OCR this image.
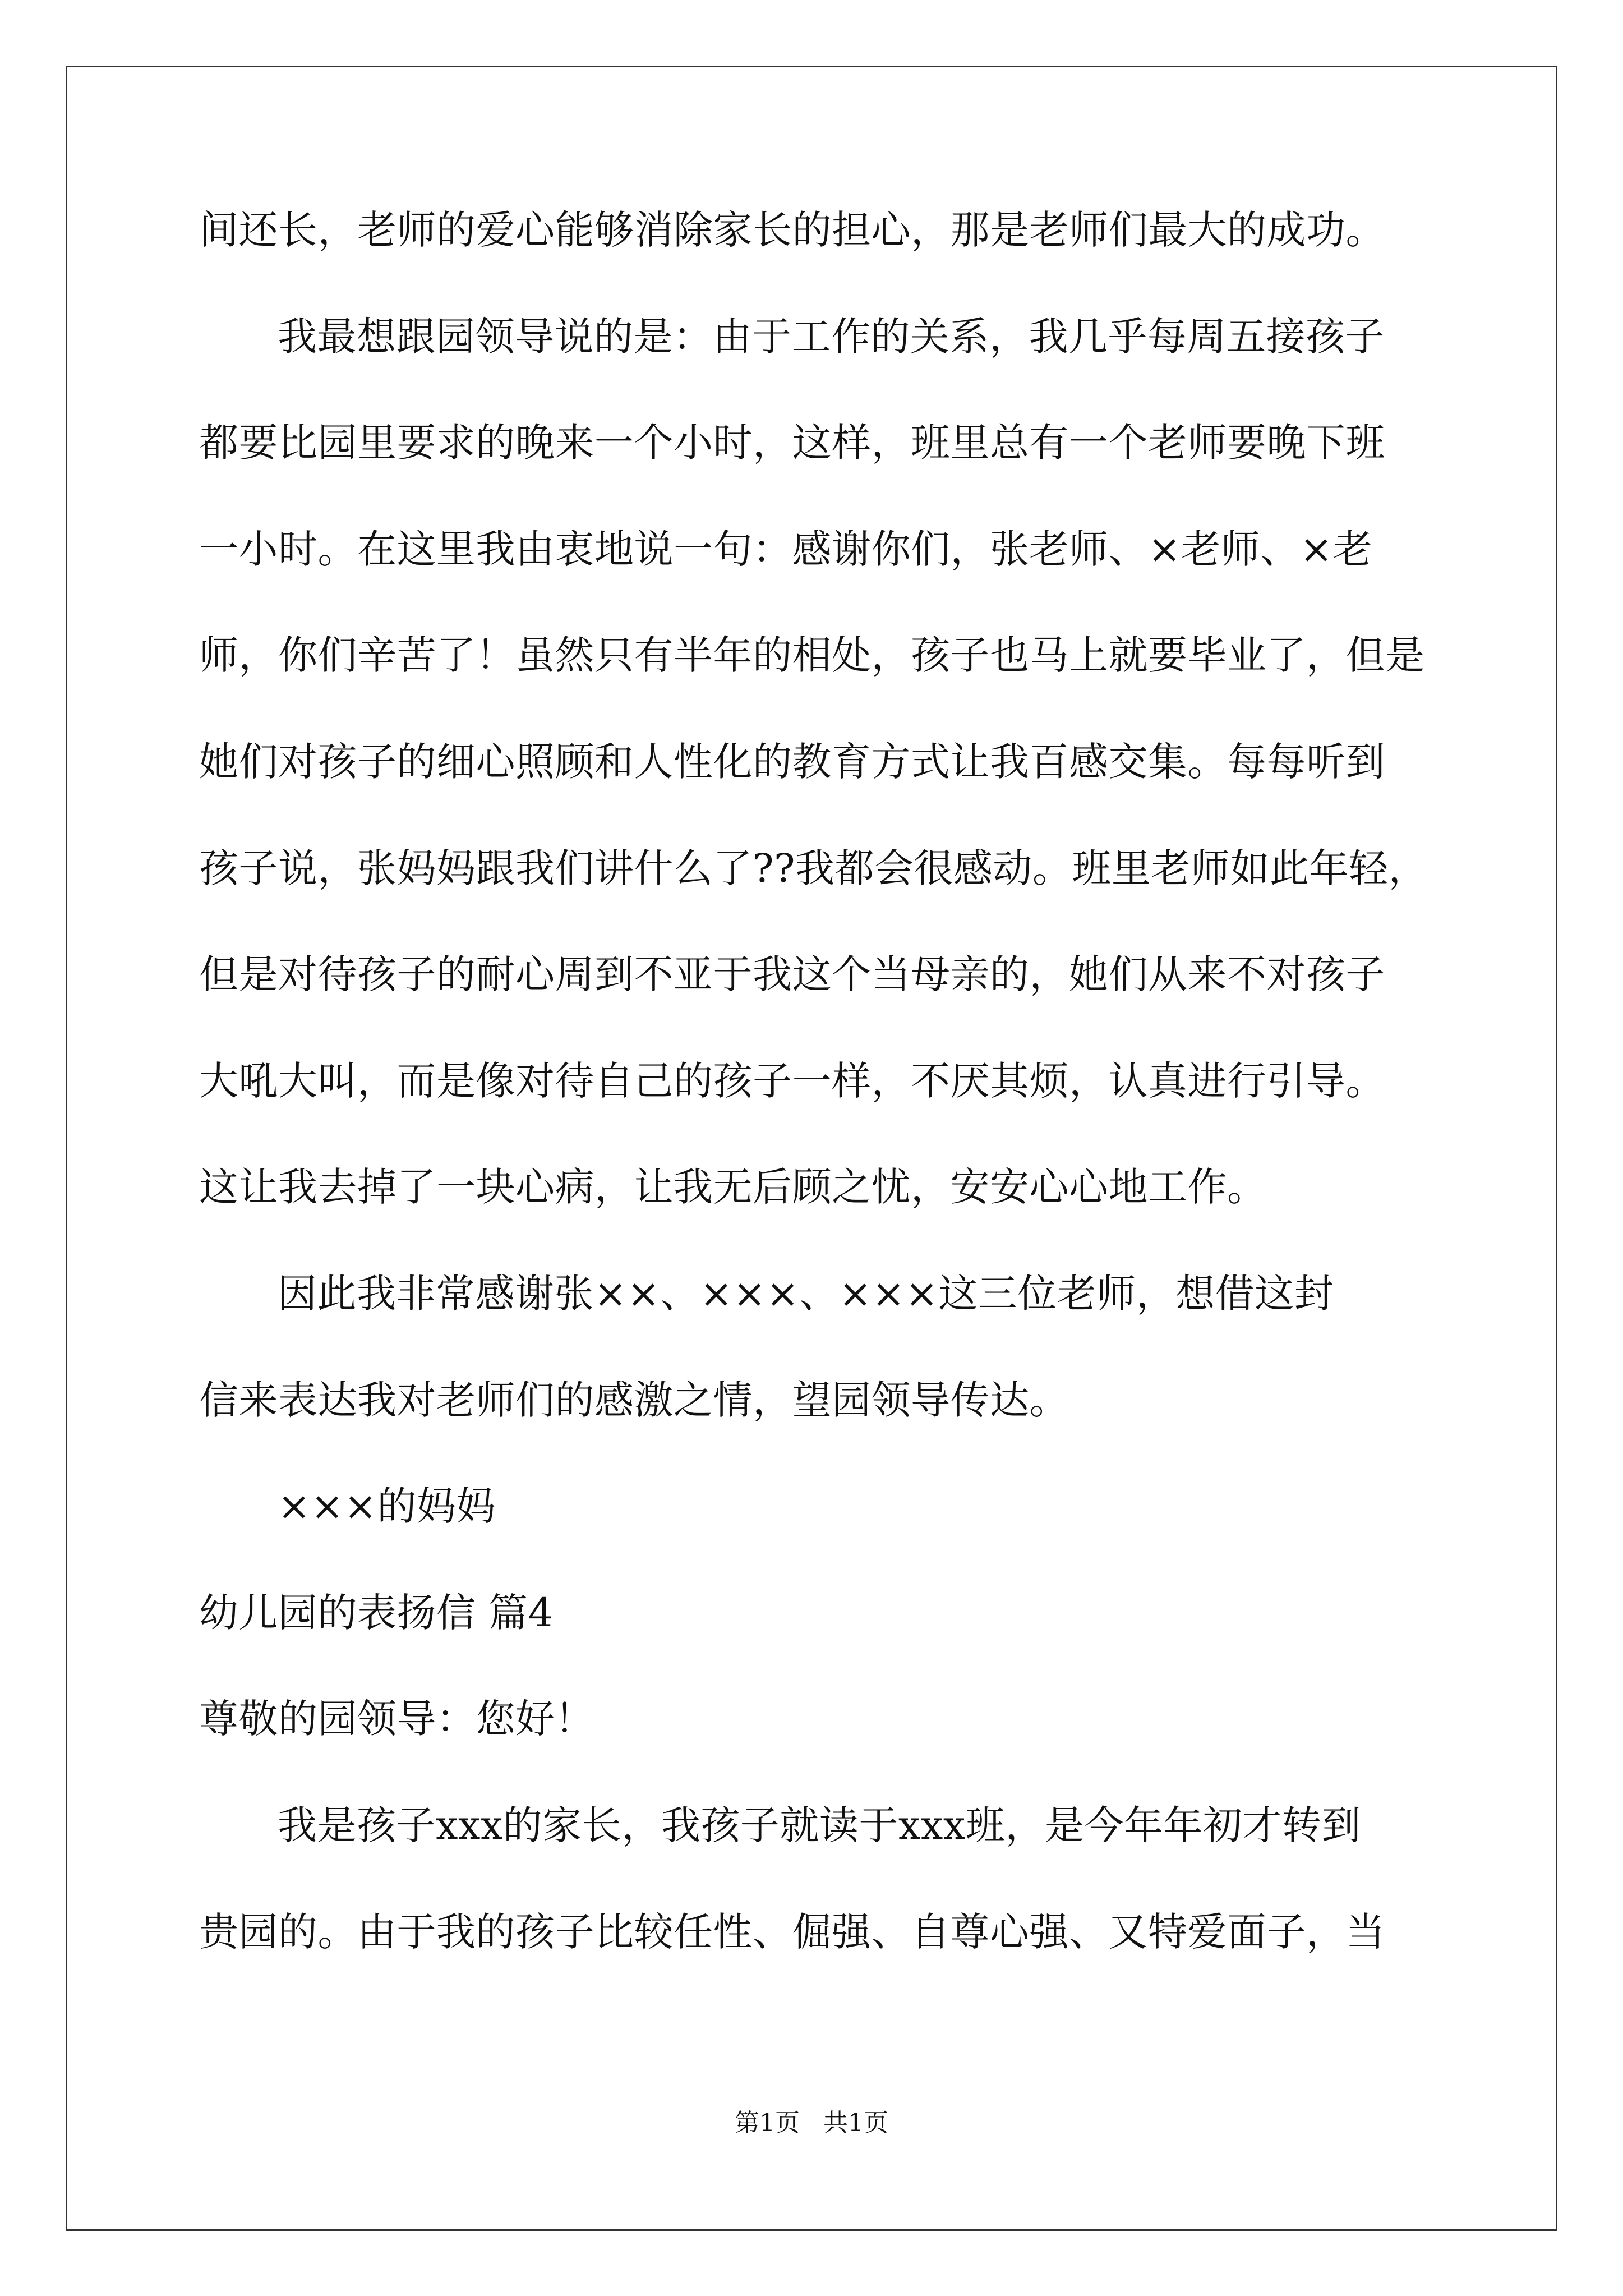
间还长，老师的爱心能够消除家长的担心，那是老师们最大的成功。
我最想跟园领导说的是：由于工作的关系，我几乎每周五接孩子
都要比园里要求的晚来一个小时，这样，班里总有一个老师要晚下班
一小时。在这里我由衷地说一句：感谢你们，张老师、×老师、×老
师，你们辛苦了！虽然只有半年的相处，孩子也马上就要毕业了，但是
她们对孩子的细心照顾和人性化的教育方式让我百感交集。每每听到
孩子说，张妈妈跟我们讲什么了??我都会很感动。班里老师如此年轻，
但是对待孩子的耐心周到不亚于我这个当母亲的，她们从来不对孩子
大吼大叫，而是像对待自己的孩子一样，不厌其烦，认真进行引导。
这让我去掉了一块心病，让我无后顾之忧，安安心心地工作。
因此我非常感谢张××、×××、×××这三位老师，想借这封
信来表达我对老师们的感激之情，望园领导传达。
×××的妈妈
幼儿园的表扬信 篇4
尊敬的园领导：您好！
我是孩子xxx的家长，我孩子就读于xxx班，是今年年初才转到
贵园的。由于我的孩子比较任性、倔强、自尊心强、又特爱面子，当
第1页   共1页
